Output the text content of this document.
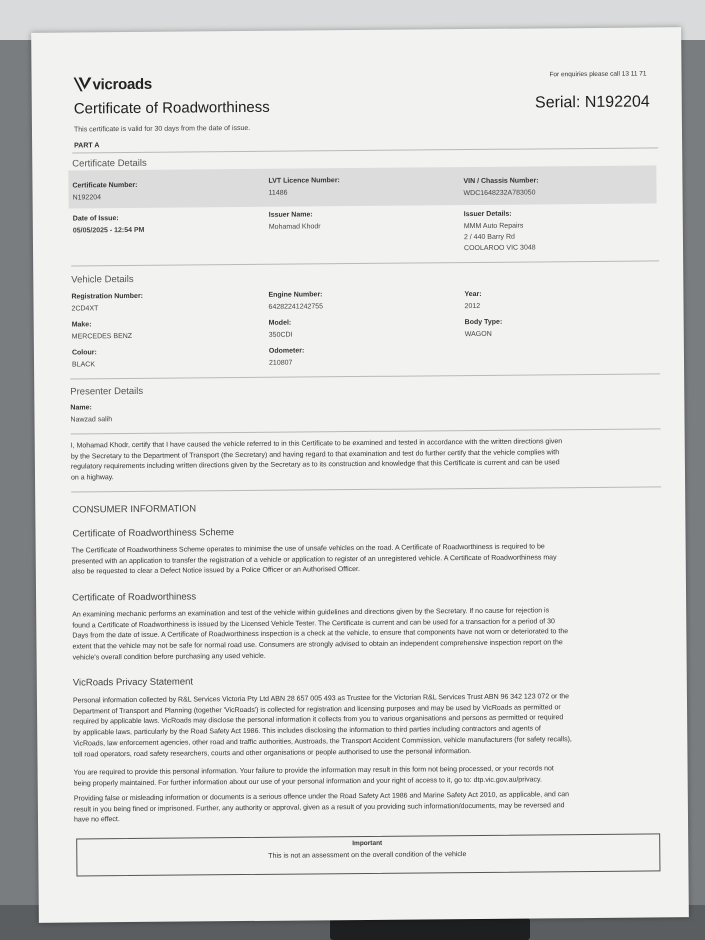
vicroads
For enquiries please call 13 11 71
Certificate of Roadworthiness	Serial: N192204
This certificate is valid for 30 days from the date of issue.
PART A
Certificate Details
Certificate Number:
N192204
LVT Licence Number:
11486
VIN / Chassis Number:
WDC1648232A783050
Date of Issue:
05/05/2025 - 12:54 PM
Issuer Name:
Mohamad Khodr
Issuer Details:
MMM Auto Repairs
2 / 440 Barry Rd
COOLAROO VIC 3048
Vehicle Details
Registration Number:
2CD4XT
Engine Number:
64282241242755
Year:
2012
Make:
MERCEDES BENZ
Model:
350CDI
Body Type:
WAGON
Colour:
BLACK
Odometer:
210807
Presenter Details
Name:
Nawzad salih
I, Mohamad Khodr, certify that I have caused the vehicle referred to in this Certificate to be examined and tested in accordance with the written directions given
by the Secretary to the Department of Transport (the Secretary) and having regard to that examination and test do further certify that the vehicle complies with
regulatory requirements including written directions given by the Secretary as to its construction and knowledge that this Certificate is current and can be used
on a highway.
CONSUMER INFORMATION
Certificate of Roadworthiness Scheme
The Certificate of Roadworthiness Scheme operates to minimise the use of unsafe vehicles on the road. A Certificate of Roadworthiness is required to be
presented with an application to transfer the registration of a vehicle or application to register of an unregistered vehicle. A Certificate of Roadworthiness may
also be requested to clear a Defect Notice issued by a Police Officer or an Authorised Officer.
Certificate of Roadworthiness
An examining mechanic performs an examination and test of the vehicle within guidelines and directions given by the Secretary. If no cause for rejection is
found a Certificate of Roadworthiness is issued by the Licensed Vehicle Tester. The Certificate is current and can be used for a transaction for a period of 30
Days from the date of issue. A Certificate of Roadworthiness inspection is a check at the vehicle, to ensure that components have not worn or deteriorated to the
extent that the vehicle may not be safe for normal road use. Consumers are strongly advised to obtain an independent comprehensive inspection report on the
vehicle's overall condition before purchasing any used vehicle.
VicRoads Privacy Statement
Personal information collected by R&L Services Victoria Pty Ltd ABN 28 657 005 493 as Trustee for the Victorian R&L Services Trust ABN 96 342 123 072 or the
Department of Transport and Planning (together 'VicRoads') is collected for registration and licensing purposes and may be used by VicRoads as permitted or
required by applicable laws. VicRoads may disclose the personal information it collects from you to various organisations and persons as permitted or required
by applicable laws, particularly by the Road Safety Act 1986. This includes disclosing the information to third parties including contractors and agents of
VicRoads, law enforcement agencies, other road and traffic authorities, Austroads, the Transport Accident Commission, vehicle manufacturers (for safety recalls),
toll road operators, road safety researchers, courts and other organisations or people authorised to use the personal information.
You are required to provide this personal information. Your failure to provide the information may result in this form not being processed, or your records not
being properly maintained. For further information about our use of your personal information and your right of access to it, go to: dtp.vic.gov.au/privacy.
Providing false or misleading information or documents is a serious offence under the Road Safety Act 1986 and Marine Safety Act 2010, as applicable, and can
result in you being fined or imprisoned. Further, any authority or approval, given as a result of you providing such information/documents, may be reversed and
have no effect.
Important
This is not an assessment on the overall condition of the vehicle
